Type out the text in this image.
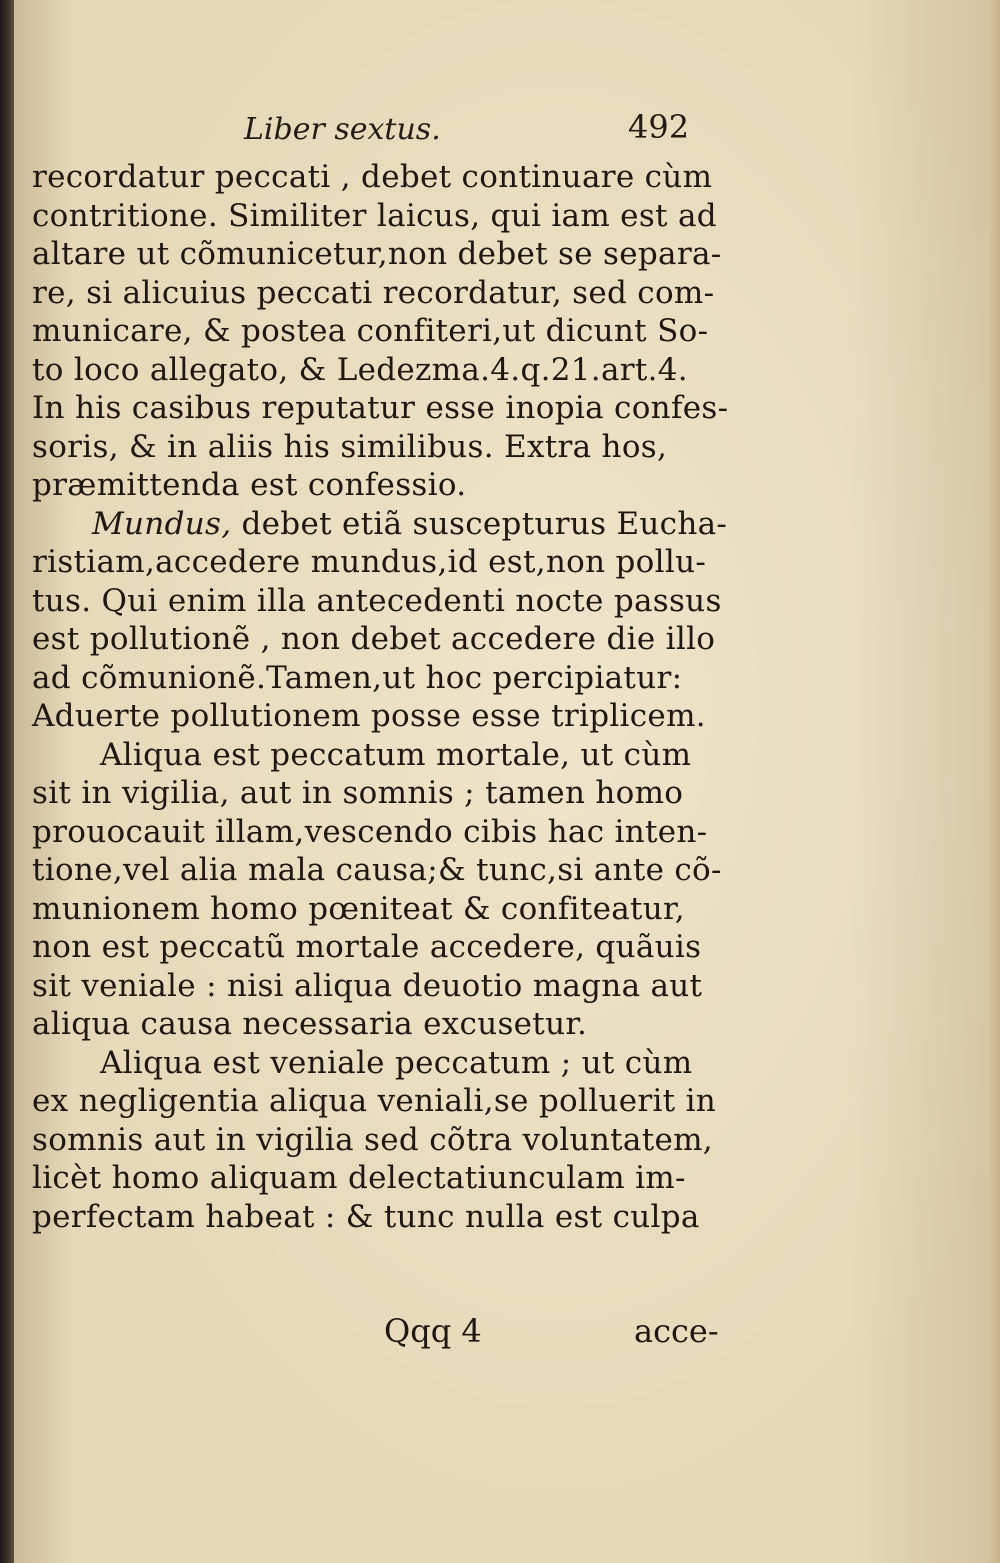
Liber sextus.	492
recordatur peccati , debet continuare cùm
contritione. Similiter laicus, qui iam est ad
altare ut cõmunicetur,non debet se separa-
re, si alicuius peccati recordatur, sed com-
municare, & postea confiteri,ut dicunt So-
to loco allegato, & Ledezma.4.q.21.art.4.
In his casibus reputatur esse inopia confes-
soris, & in aliis his similibus. Extra hos,
præmittenda est confessio.
Mundus, debet etiã suscepturus Eucha-
ristiam,accedere mundus,id est,non pollu-
tus. Qui enim illa antecedenti nocte passus
est pollutionẽ , non debet accedere die illo
ad cõmunionẽ.Tamen,ut hoc percipiatur:
Aduerte pollutionem posse esse triplicem.
Aliqua est peccatum mortale, ut cùm
sit in vigilia, aut in somnis ; tamen homo
prouocauit illam,vescendo cibis hac inten-
tione,vel alia mala causa;& tunc,si ante cõ-
munionem homo pœniteat & confiteatur,
non est peccatũ mortale accedere, quãuis
sit veniale : nisi aliqua deuotio magna aut
aliqua causa necessaria excusetur.
Aliqua est veniale peccatum ; ut cùm
ex negligentia aliqua veniali,se polluerit in
somnis aut in vigilia sed cõtra voluntatem,
licèt homo aliquam delectatiunculam im-
perfectam habeat : & tunc nulla est culpa
Qqq 4	acce-
